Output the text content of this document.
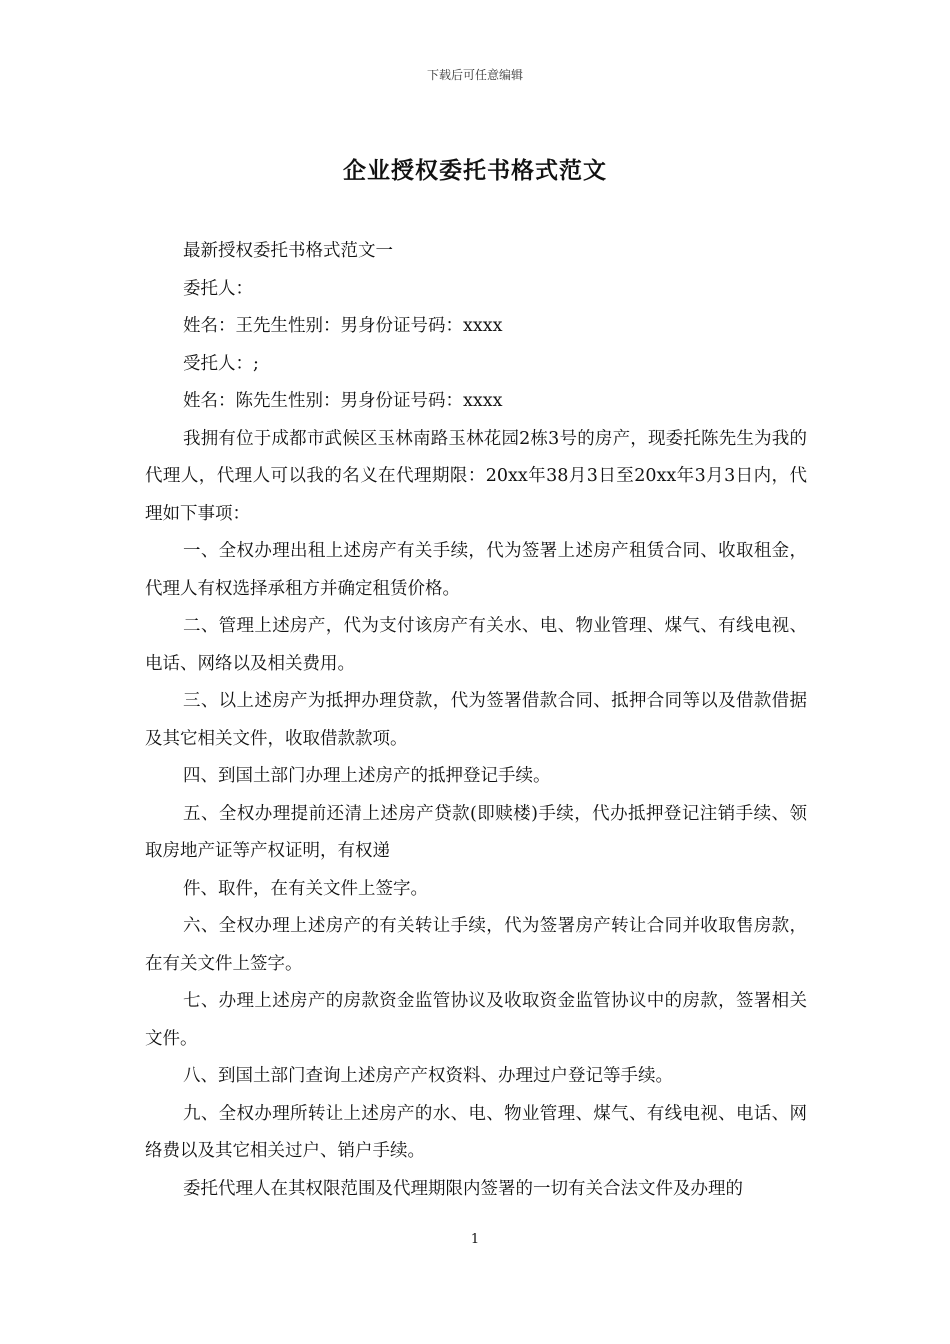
下载后可任意编辑
企业授权委托书格式范文

最新授权委托书格式范文一

委托人：

姓名：王先生性别：男身份证号码：xxxx

受托人：;

姓名：陈先生性别：男身份证号码：xxxx

我拥有位于成都市武候区玉林南路玉林花园2栋3号的房产，现委托陈先生为我的代理人，代理人可以我的名义在代理期限：20xx年38月3日至20xx年3月3日内，代理如下事项：

一、全权办理出租上述房产有关手续，代为签署上述房产租赁合同、收取租金，代理人有权选择承租方并确定租赁价格。

二、管理上述房产，代为支付该房产有关水、电、物业管理、煤气、有线电视、电话、网络以及相关费用。

三、以上述房产为抵押办理贷款，代为签署借款合同、抵押合同等以及借款借据及其它相关文件，收取借款款项。

四、到国土部门办理上述房产的抵押登记手续。

五、全权办理提前还清上述房产贷款(即赎楼)手续，代办抵押登记注销手续、领取房地产证等产权证明，有权递

件、取件，在有关文件上签字。

六、全权办理上述房产的有关转让手续，代为签署房产转让合同并收取售房款，在有关文件上签字。

七、办理上述房产的房款资金监管协议及收取资金监管协议中的房款，签署相关文件。

八、到国土部门查询上述房产产权资料、办理过户登记等手续。

九、全权办理所转让上述房产的水、电、物业管理、煤气、有线电视、电话、网络费以及其它相关过户、销户手续。

委托代理人在其权限范围及代理期限内签署的一切有关合法文件及办理的

1
